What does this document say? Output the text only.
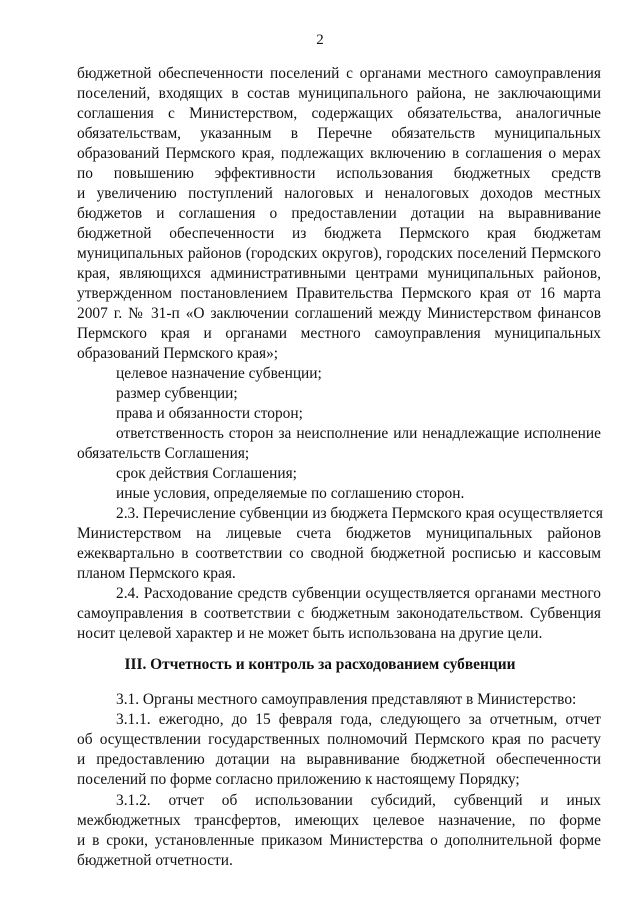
2
бюджетной обеспеченности поселений с органами местного самоуправления
поселений, входящих в состав муниципального района, не заключающими
соглашения с Министерством, содержащих обязательства, аналогичные
обязательствам, указанным в Перечне обязательств муниципальных
образований Пермского края, подлежащих включению в соглашения о мерах
по повышению эффективности использования бюджетных средств
и увеличению поступлений налоговых и неналоговых доходов местных
бюджетов и соглашения о предоставлении дотации на выравнивание
бюджетной обеспеченности из бюджета Пермского края бюджетам
муниципальных районов (городских округов), городских поселений Пермского
края, являющихся административными центрами муниципальных районов,
утвержденном постановлением Правительства Пермского края от 16 марта
2007 г. № 31-п «О заключении соглашений между Министерством финансов
Пермского края и органами местного самоуправления муниципальных
образований Пермского края»;
целевое назначение субвенции;
размер субвенции;
права и обязанности сторон;
ответственность сторон за неисполнение или ненадлежащие исполнение
обязательств Соглашения;
срок действия Соглашения;
иные условия, определяемые по соглашению сторон.
2.3. Перечисление субвенции из бюджета Пермского края осуществляется
Министерством на лицевые счета бюджетов муниципальных районов
ежеквартально в соответствии со сводной бюджетной росписью и кассовым
планом Пермского края.
2.4. Расходование средств субвенции осуществляется органами местного
самоуправления в соответствии с бюджетным законодательством. Субвенция
носит целевой характер и не может быть использована на другие цели.
III. Отчетность и контроль за расходованием субвенции
3.1. Органы местного самоуправления представляют в Министерство:
3.1.1. ежегодно, до 15 февраля года, следующего за отчетным, отчет
об осуществлении государственных полномочий Пермского края по расчету
и предоставлению дотации на выравнивание бюджетной обеспеченности
поселений по форме согласно приложению к настоящему Порядку;
3.1.2. отчет об использовании субсидий, субвенций и иных
межбюджетных трансфертов, имеющих целевое назначение, по форме
и в сроки, установленные приказом Министерства о дополнительной форме
бюджетной отчетности.
